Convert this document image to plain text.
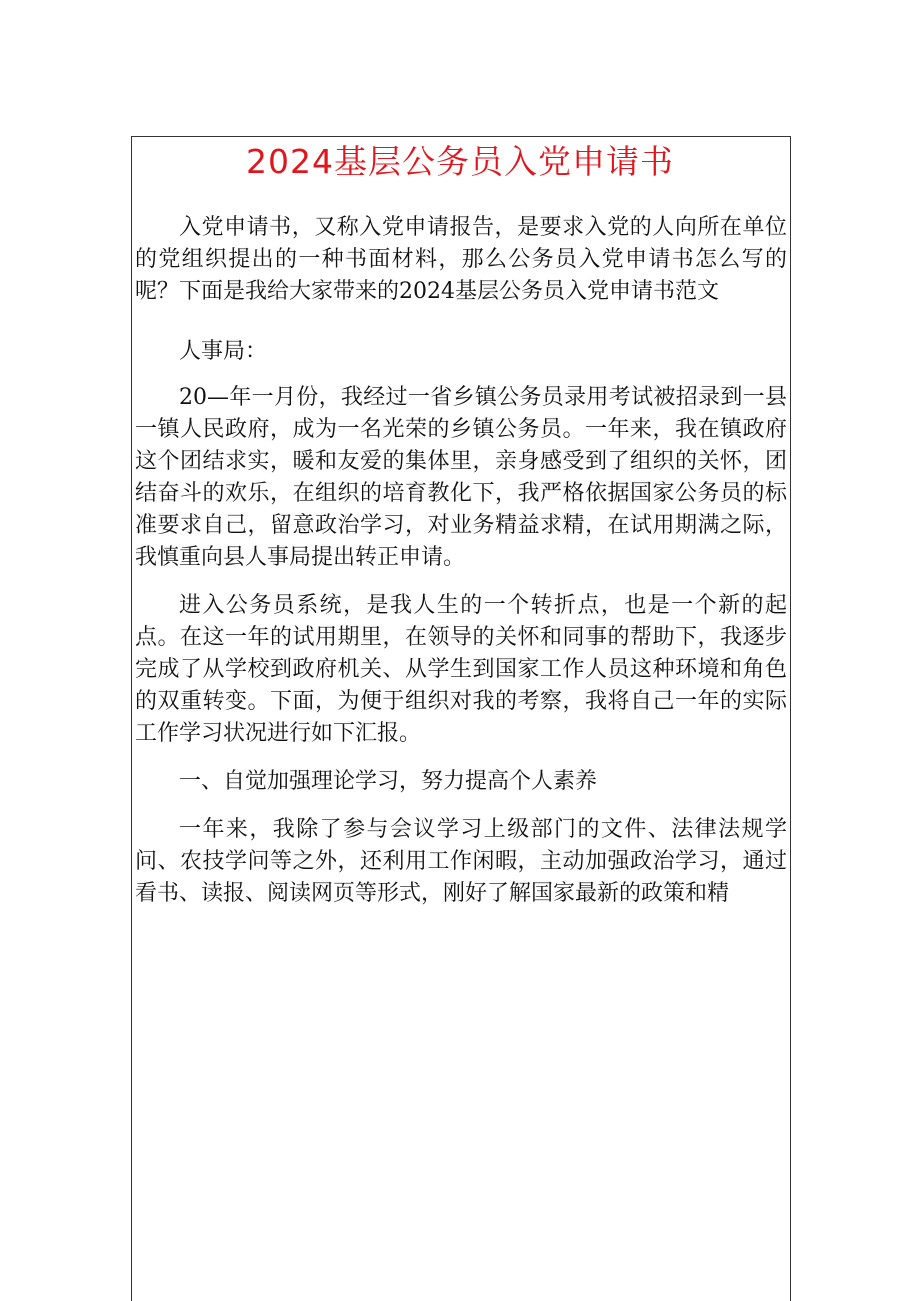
2024基层公务员入党申请书

入党申请书，又称入党申请报告，是要求入党的人向所在单位的党组织提出的一种书面材料，那么公务员入党申请书怎么写的呢？下面是我给大家带来的2024基层公务员入党申请书范文

人事局：

20—年一月份，我经过一省乡镇公务员录用考试被招录到一县一镇人民政府，成为一名光荣的乡镇公务员。一年来，我在镇政府这个团结求实，暖和友爱的集体里，亲身感受到了组织的关怀，团结奋斗的欢乐，在组织的培育教化下，我严格依据国家公务员的标准要求自己，留意政治学习，对业务精益求精，在试用期满之际，我慎重向县人事局提出转正申请。

进入公务员系统，是我人生的一个转折点，也是一个新的起点。在这一年的试用期里，在领导的关怀和同事的帮助下，我逐步完成了从学校到政府机关、从学生到国家工作人员这种环境和角色的双重转变。下面，为便于组织对我的考察，我将自己一年的实际工作学习状况进行如下汇报。

一、自觉加强理论学习，努力提高个人素养

一年来，我除了参与会议学习上级部门的文件、法律法规学问、农技学问等之外，还利用工作闲暇，主动加强政治学习，通过看书、读报、阅读网页等形式，刚好了解国家最新的政策和精
